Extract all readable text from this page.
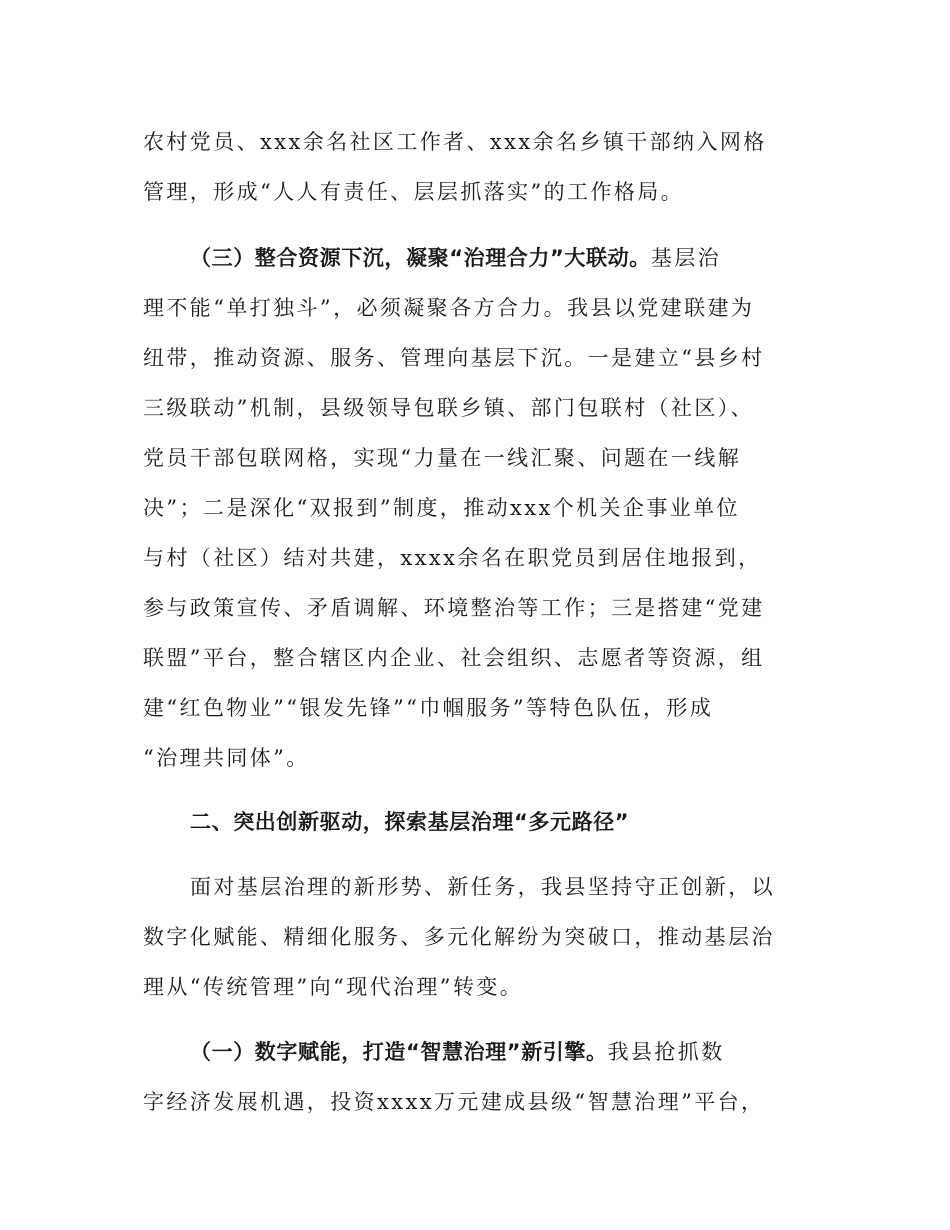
农村党员、xxx余名社区工作者、xxx余名乡镇干部纳入网格
管理，形成“人人有责任、层层抓落实”的工作格局。
（三）整合资源下沉，凝聚“治理合力”大联动。基层治
理不能“单打独斗”，必须凝聚各方合力。我县以党建联建为
纽带，推动资源、服务、管理向基层下沉。一是建立“县乡村
三级联动”机制，县级领导包联乡镇、部门包联村（社区）、
党员干部包联网格，实现“力量在一线汇聚、问题在一线解
决”；二是深化“双报到”制度，推动xxx个机关企事业单位
与村（社区）结对共建，xxxx余名在职党员到居住地报到，
参与政策宣传、矛盾调解、环境整治等工作；三是搭建“党建
联盟”平台，整合辖区内企业、社会组织、志愿者等资源，组
建“红色物业”“银发先锋”“巾帼服务”等特色队伍，形成
“治理共同体”。
二、突出创新驱动，探索基层治理“多元路径”
面对基层治理的新形势、新任务，我县坚持守正创新，以
数字化赋能、精细化服务、多元化解纷为突破口，推动基层治
理从“传统管理”向“现代治理”转变。
（一）数字赋能，打造“智慧治理”新引擎。我县抢抓数
字经济发展机遇，投资xxxx万元建成县级“智慧治理”平台，
